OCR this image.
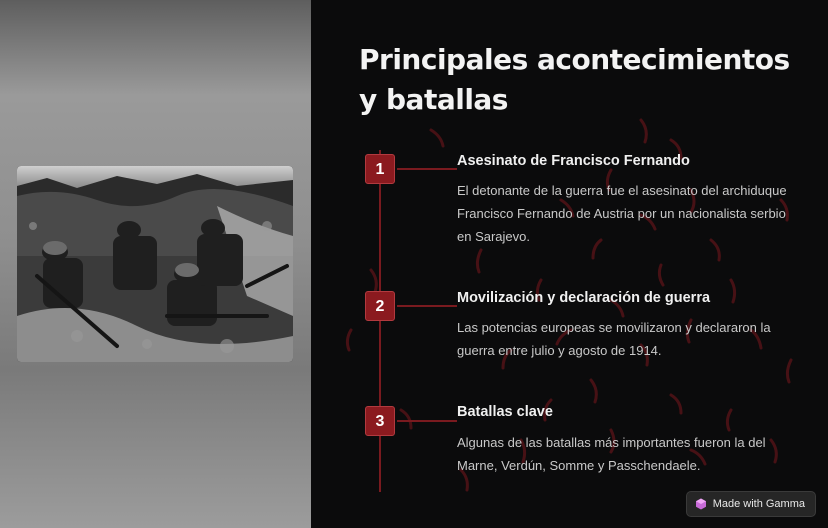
Principales acontecimientos y batallas
1	Asesinato de Francisco Fernando

El detonante de la guerra fue el asesinato del archiduque Francisco Fernando de Austria por un nacionalista serbio en Sarajevo.

2	Movilización y declaración de guerra

Las potencias europeas se movilizaron y declararon la guerra entre julio y agosto de 1914.

3
Batallas clave

Algunas de las batallas más importantes fueron la del Marne, Verdún, Somme y Passchendaele.

Made with Gamma
